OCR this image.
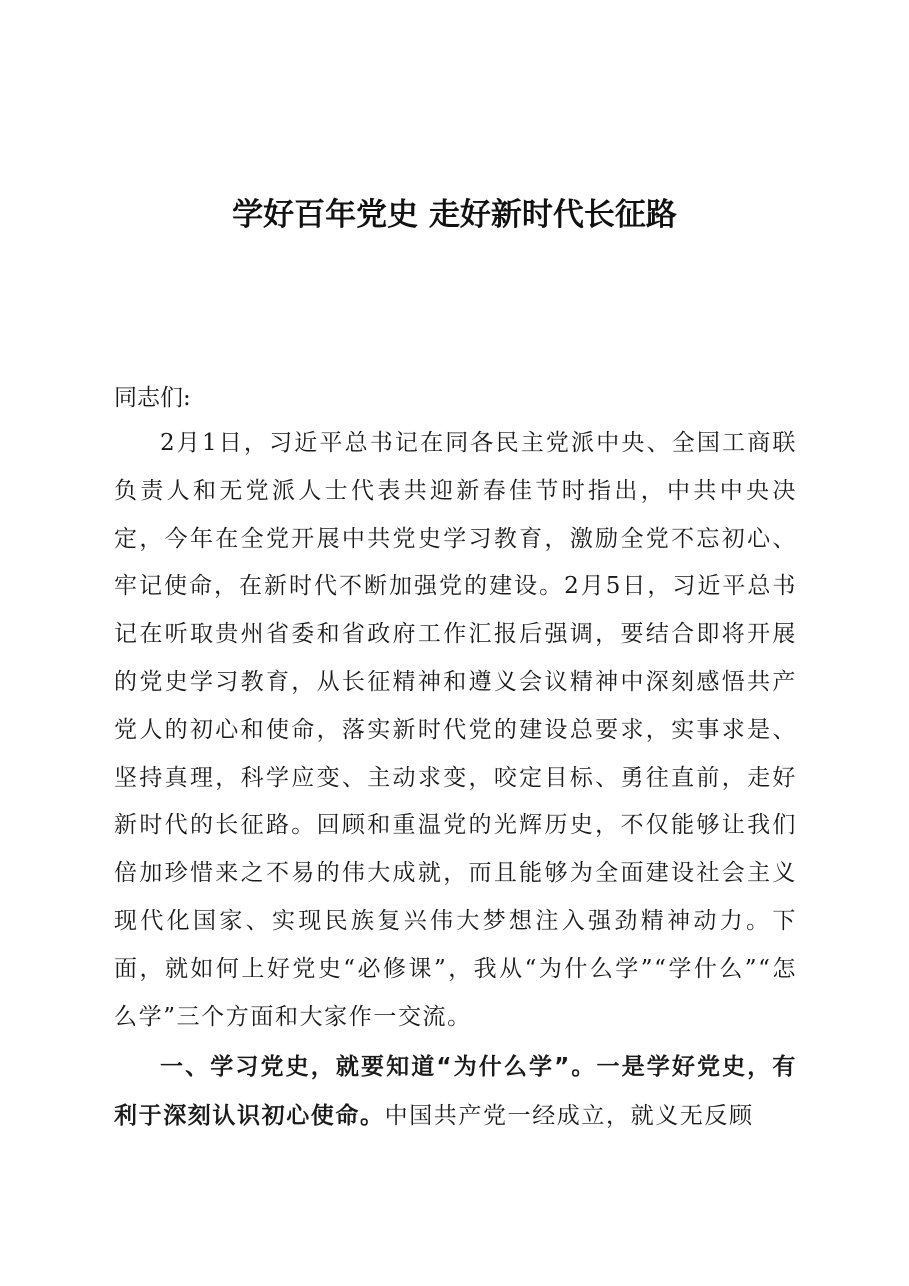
学好百年党史 走好新时代长征路

同志们:

2月1日，习近平总书记在同各民主党派中央、全国工商联负责人和无党派人士代表共迎新春佳节时指出，中共中央决定，今年在全党开展中共党史学习教育，激励全党不忘初心、牢记使命，在新时代不断加强党的建设。2月5日，习近平总书记在听取贵州省委和省政府工作汇报后强调，要结合即将开展的党史学习教育，从长征精神和遵义会议精神中深刻感悟共产党人的初心和使命，落实新时代党的建设总要求，实事求是、坚持真理，科学应变、主动求变，咬定目标、勇往直前，走好新时代的长征路。回顾和重温党的光辉历史，不仅能够让我们倍加珍惜来之不易的伟大成就，而且能够为全面建设社会主义现代化国家、实现民族复兴伟大梦想注入强劲精神动力。下面，就如何上好党史“必修课”，我从“为什么学”“学什么”“怎么学”三个方面和大家作一交流。

一、学习党史，就要知道“为什么学”。一是学好党史，有利于深刻认识初心使命。中国共产党一经成立，就义无反顾
